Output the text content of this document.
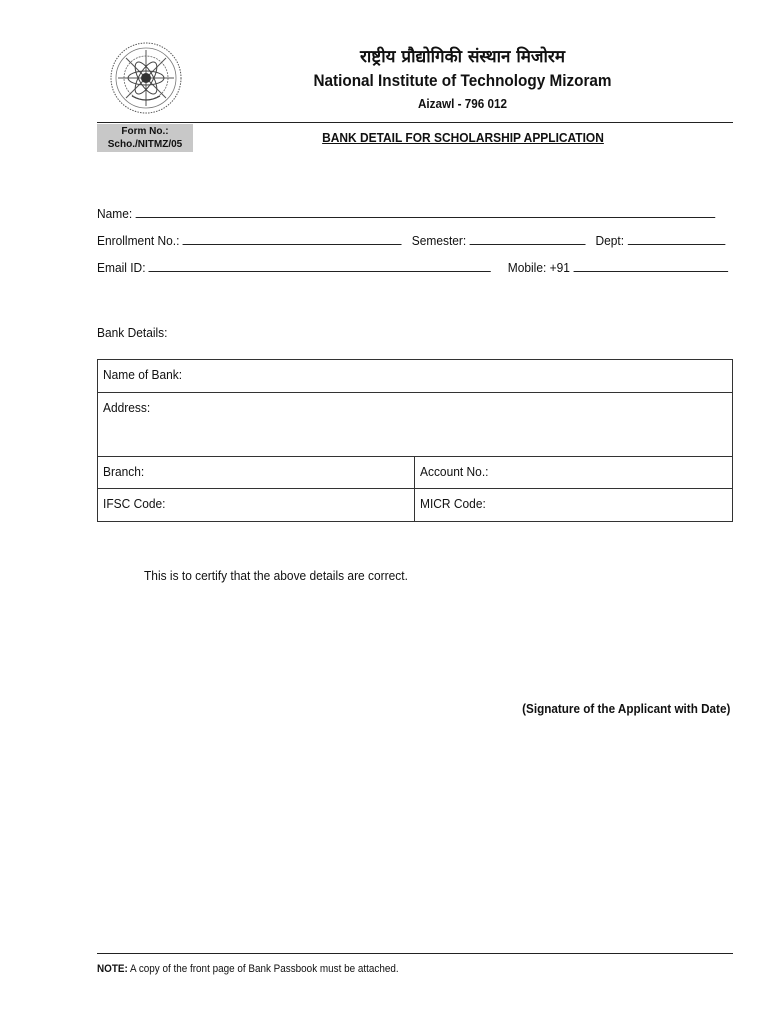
राष्ट्रीय प्रौद्योगिकी संस्थान मिजोरम
National Institute of Technology Mizoram
Aizawl - 796 012
Form No.:
Scho./NITMZ/05	BANK DETAIL FOR SCHOLARSHIP APPLICATION
Name:
Enrollment No.:	Semester:	Dept:
Email ID:	Mobile: +91
Bank Details:
Name of Bank:	
Address:	
Branch:	Account No.:
IFSC Code:	MICR Code:
This is to certify that the above details are correct.
(Signature of the Applicant with Date)
NOTE: A copy of the front page of Bank Passbook must be attached.
